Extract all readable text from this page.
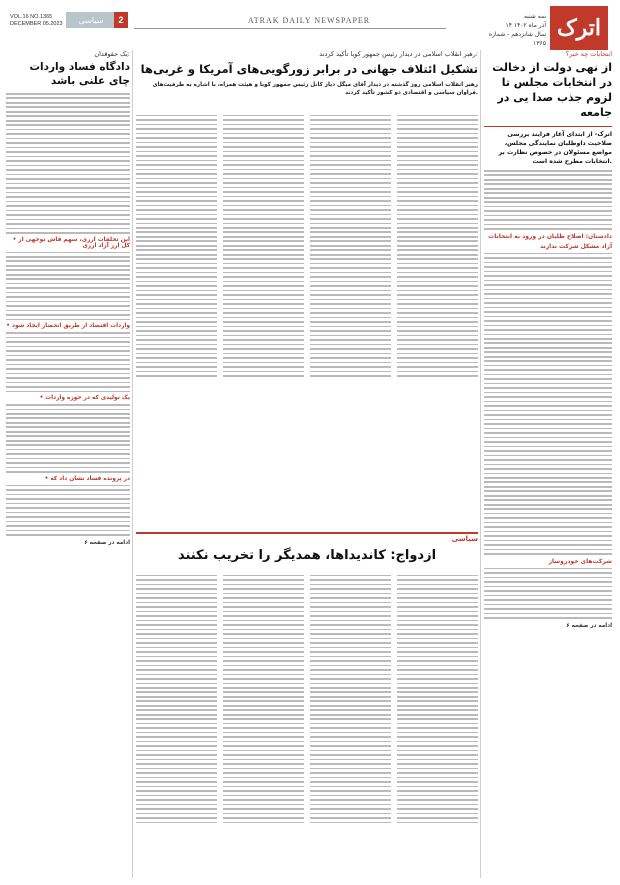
VOL.16 NO.1365
DECEMBER 05.2023	سیاسی	2	ATRAK DAILY NEWSPAPER	سه شنبه
۱۴ آذر ماه ۱۴۰۲
سال شانزدهم - شماره ۱۳۶۵
اترک
انتخابات چه خبر؟
از نهی دولت از دخالت در انتخابات مجلس تا لزوم جذب صدا یی در جامعه
اترک- از ابتدای آغاز فرایند بررسی صلاحیت داوطلبان نمایندگی مجلس، مواضع مسئولان در خصوص نظارت بر انتخابات مطرح شده است.
دادستان: اصلاح طلبان در ورود به انتخابات
آزاد مشکل شرکت ندارند
شرکت‌های خودروساز
ادامه در صفحه ۶
رهبر انقلاب اسلامی در دیدار رئیس جمهور کوبا تأکید کردند:
تشکیل ائتلاف جهانی در برابر زورگویی‌های آمریکا و غربی‌ها
رهبر انقلاب اسلامی روز گذشته در دیدار آقای میگل دیاز کانل رئیس جمهور کوبا و هیئت همراه، با اشاره به ظرفیت‌های فراوان سیاسی و اقتصادی دو کشور تأکید کردند.
سیاسی
ازدواج: کاندیداها، همدیگر را تخریب نکنند
یک حقوقدان:
دادگاه فساد واردات چای علنی باشد
• این تخلفات ارزی، سهم فاش توجهی از کل ارز آزاد ارزی
• واردات اقتصاد از طریق انحصار ایجاد شود
• یک تولیدی که در حوزه واردات
• در پرونده فساد نشان داد که
ادامه در صفحه ۶
